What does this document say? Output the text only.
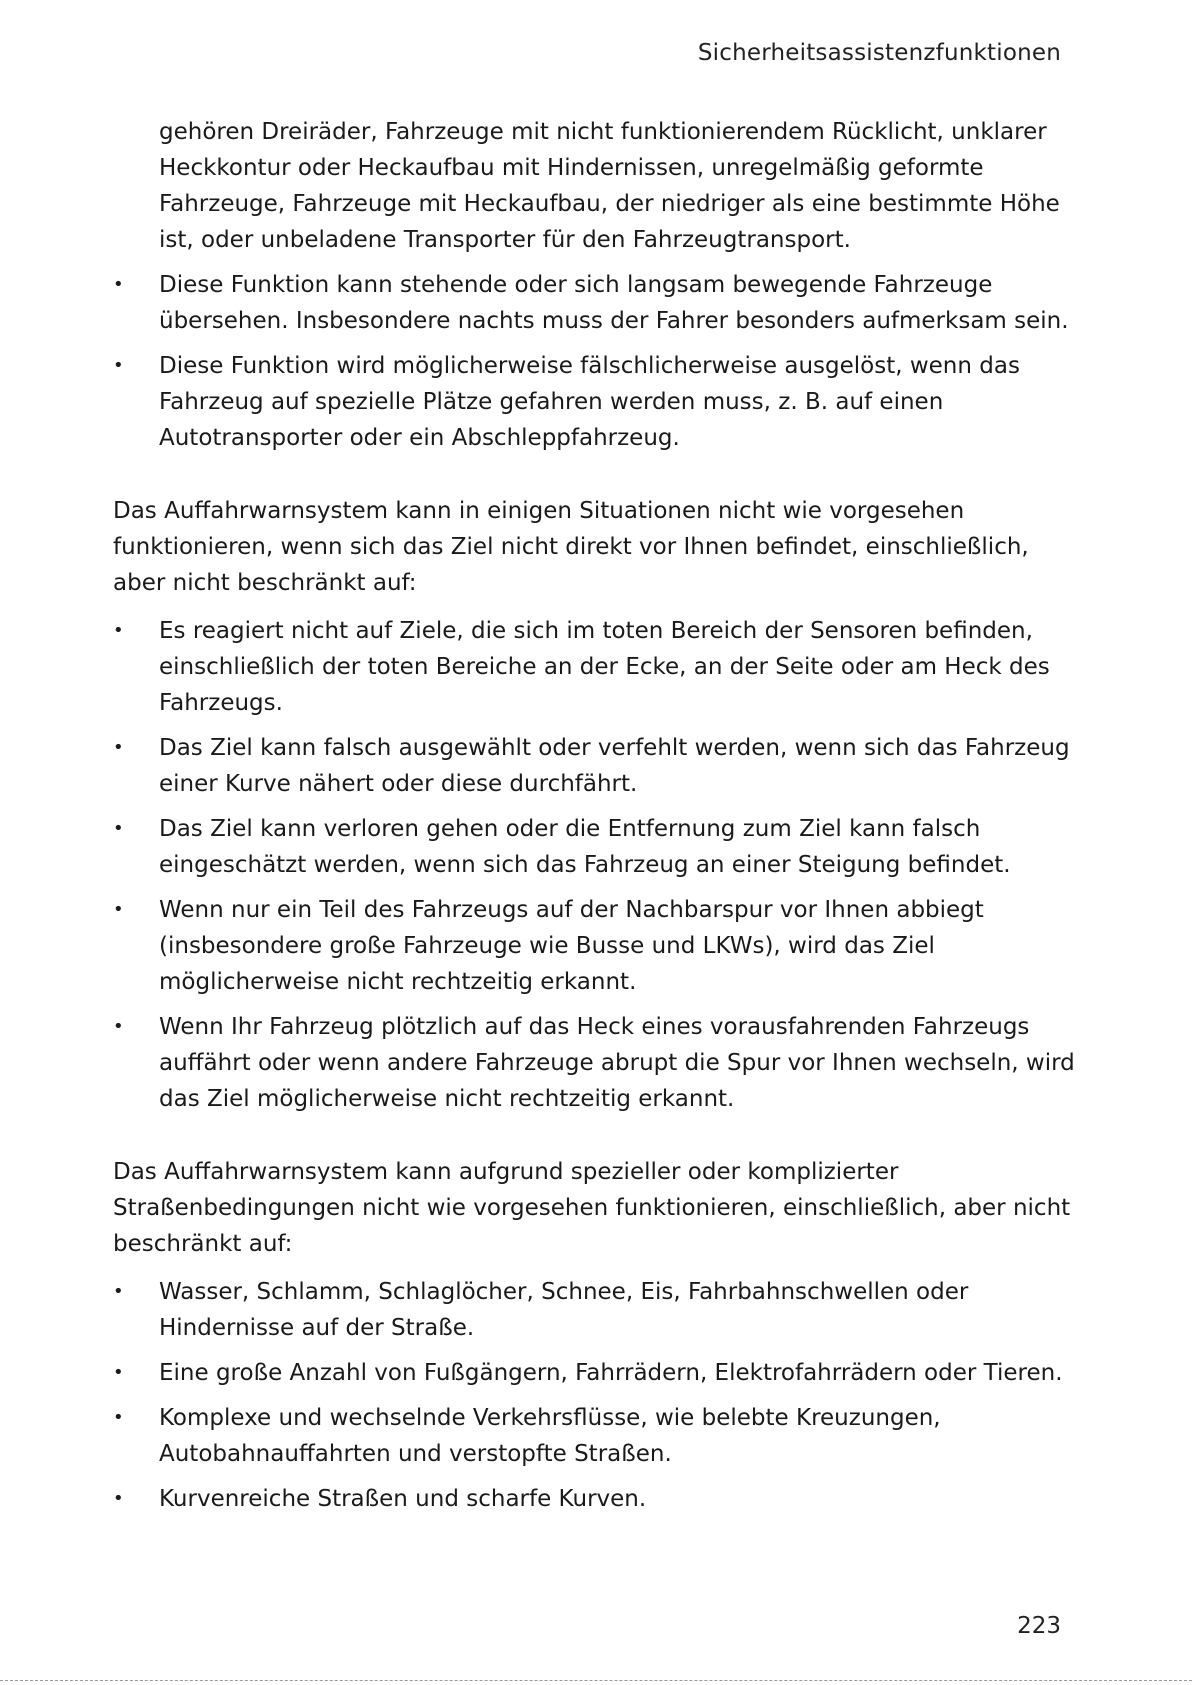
Sicherheitsassistenzfunktionen

gehören Dreiräder, Fahrzeuge mit nicht funktionierendem Rücklicht, unklarer Heckkontur oder Heckaufbau mit Hindernissen, unregelmäßig geformte Fahrzeuge, Fahrzeuge mit Heckaufbau, der niedriger als eine bestimmte Höhe ist, oder unbeladene Transporter für den Fahrzeugtransport.

• Diese Funktion kann stehende oder sich langsam bewegende Fahrzeuge übersehen. Insbesondere nachts muss der Fahrer besonders aufmerksam sein.
• Diese Funktion wird möglicherweise fälschlicherweise ausgelöst, wenn das Fahrzeug auf spezielle Plätze gefahren werden muss, z. B. auf einen Autotransporter oder ein Abschleppfahrzeug.

Das Auffahrwarnsystem kann in einigen Situationen nicht wie vorgesehen funktionieren, wenn sich das Ziel nicht direkt vor Ihnen befindet, einschließlich, aber nicht beschränkt auf:

• Es reagiert nicht auf Ziele, die sich im toten Bereich der Sensoren befinden, einschließlich der toten Bereiche an der Ecke, an der Seite oder am Heck des Fahrzeugs.
• Das Ziel kann falsch ausgewählt oder verfehlt werden, wenn sich das Fahrzeug einer Kurve nähert oder diese durchfährt.
• Das Ziel kann verloren gehen oder die Entfernung zum Ziel kann falsch eingeschätzt werden, wenn sich das Fahrzeug an einer Steigung befindet.
• Wenn nur ein Teil des Fahrzeugs auf der Nachbarspur vor Ihnen abbiegt (insbesondere große Fahrzeuge wie Busse und LKWs), wird das Ziel möglicherweise nicht rechtzeitig erkannt.
• Wenn Ihr Fahrzeug plötzlich auf das Heck eines vorausfahrenden Fahrzeugs auffährt oder wenn andere Fahrzeuge abrupt die Spur vor Ihnen wechseln, wird das Ziel möglicherweise nicht rechtzeitig erkannt.

Das Auffahrwarnsystem kann aufgrund spezieller oder komplizierter Straßenbedingungen nicht wie vorgesehen funktionieren, einschließlich, aber nicht beschränkt auf:

• Wasser, Schlamm, Schlaglöcher, Schnee, Eis, Fahrbahnschwellen oder Hindernisse auf der Straße.
• Eine große Anzahl von Fußgängern, Fahrrädern, Elektrofahrrädern oder Tieren.
• Komplexe und wechselnde Verkehrsflüsse, wie belebte Kreuzungen, Autobahnauffahrten und verstopfte Straßen.
• Kurvenreiche Straßen und scharfe Kurven.
223
